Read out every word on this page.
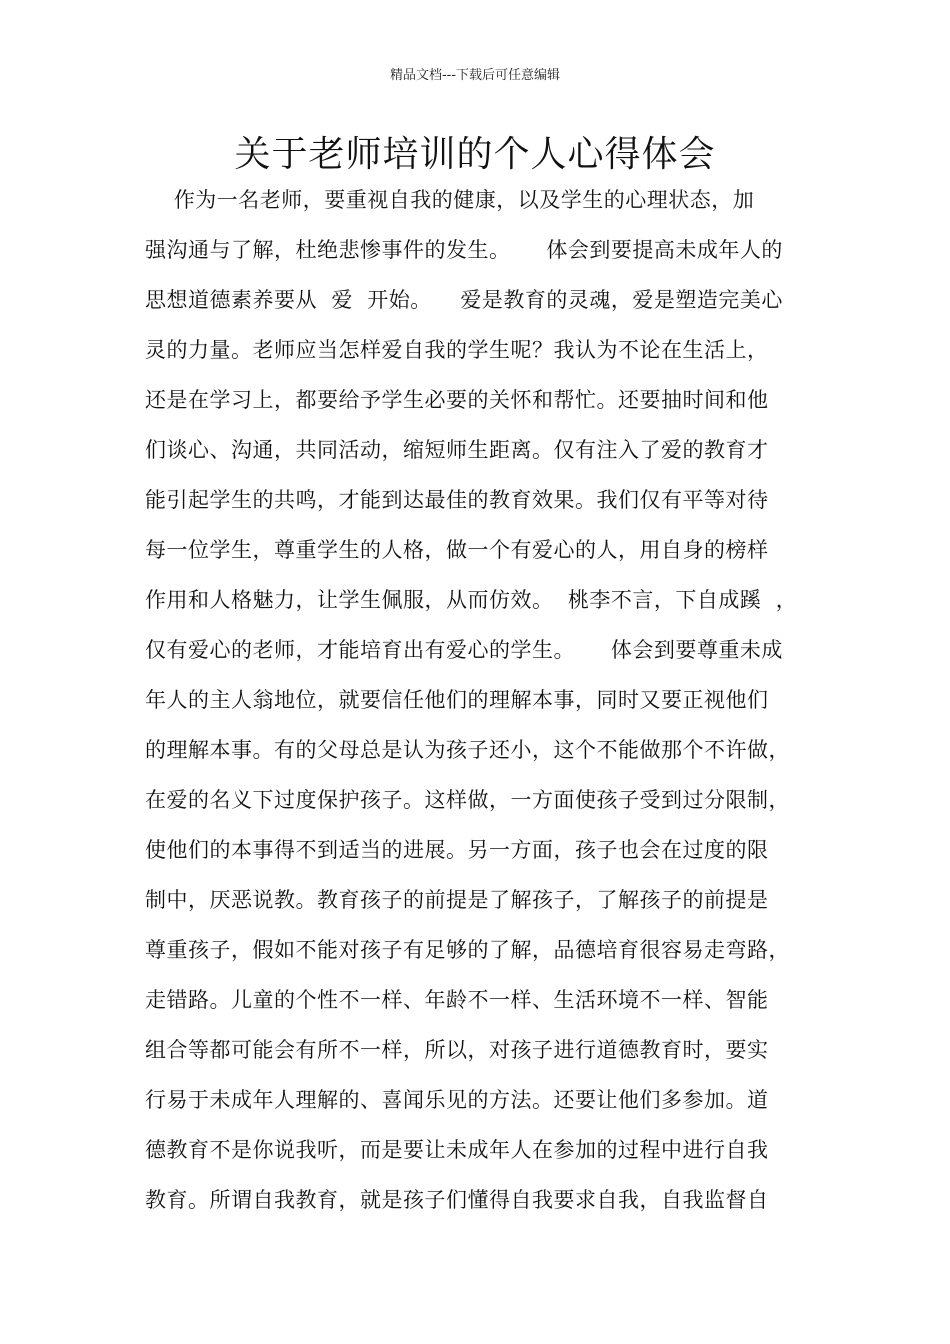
精品文档---下载后可任意编辑
关于老师培训的个人心得体会
作为一名老师，要重视自我的健康，以及学生的心理状态，加
强沟通与了解，杜绝悲惨事件的发生。     体会到要提高未成年人的
思想道德素养要从  爱  开始。    爱是教育的灵魂，爱是塑造完美心
灵的力量。老师应当怎样爱自我的学生呢？我认为不论在生活上，
还是在学习上，都要给予学生必要的关怀和帮忙。还要抽时间和他
们谈心、沟通，共同活动，缩短师生距离。仅有注入了爱的教育才
能引起学生的共鸣，才能到达最佳的教育效果。我们仅有平等对待
每一位学生，尊重学生的人格，做一个有爱心的人，用自身的榜样
作用和人格魅力，让学生佩服，从而仿效。  桃李不言，下自成蹊  ，
仅有爱心的老师，才能培育出有爱心的学生。     体会到要尊重未成
年人的主人翁地位，就要信任他们的理解本事，同时又要正视他们
的理解本事。有的父母总是认为孩子还小，这个不能做那个不许做，
在爱的名义下过度保护孩子。这样做，一方面使孩子受到过分限制，
使他们的本事得不到适当的进展。另一方面，孩子也会在过度的限
制中，厌恶说教。教育孩子的前提是了解孩子，了解孩子的前提是
尊重孩子，假如不能对孩子有足够的了解，品德培育很容易走弯路，
走错路。儿童的个性不一样、年龄不一样、生活环境不一样、智能
组合等都可能会有所不一样，所以，对孩子进行道德教育时，要实
行易于未成年人理解的、喜闻乐见的方法。还要让他们多参加。道
德教育不是你说我听，而是要让未成年人在参加的过程中进行自我
教育。所谓自我教育，就是孩子们懂得自我要求自我，自我监督自
